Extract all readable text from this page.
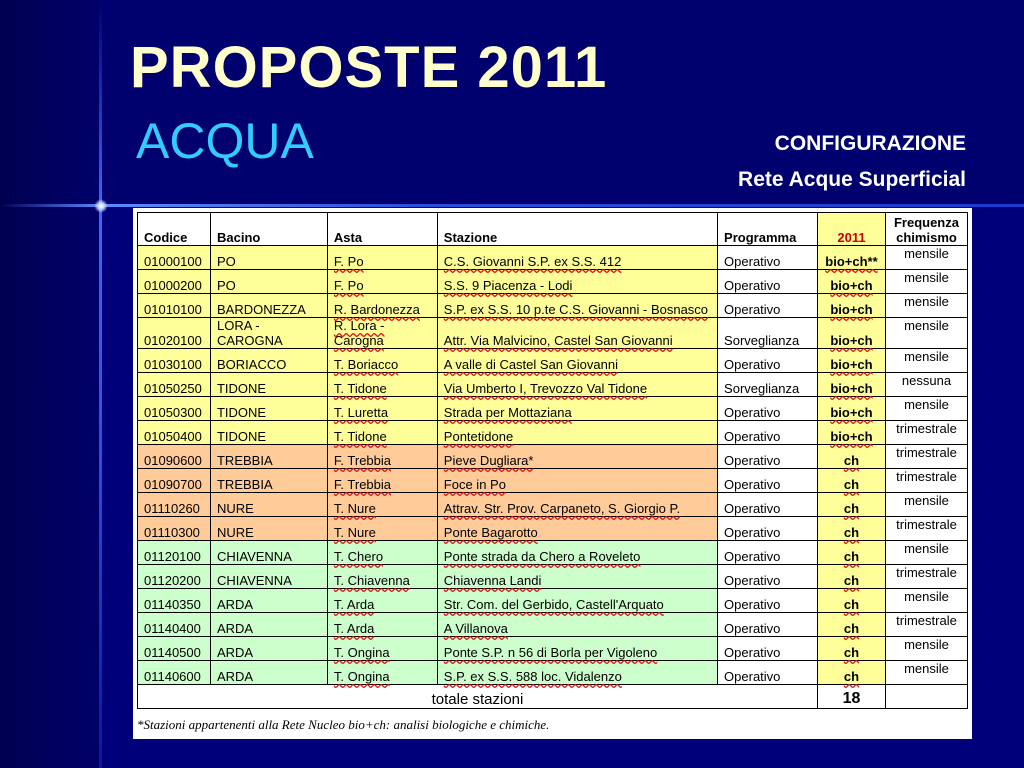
PROPOSTE 2011
ACQUA	CONFIGURAZIONE
Rete Acque Superficial
Codice	Bacino	Asta	Stazione	Programma	2011	Frequenza chimismo
01000100	PO	F. Po	C.S. Giovanni S.P. ex S.S. 412	Operativo	bio+ch**	mensile
01000200	PO	F. Po	S.S. 9 Piacenza - Lodi	Operativo	bio+ch	mensile
01010100	BARDONEZZA	R. Bardonezza	S.P. ex S.S. 10 p.te C.S. Giovanni - Bosnasco	Operativo	bio+ch	mensile
01020100	LORA - CAROGNA	R. Lora - Carogna	Attr. Via Malvicino, Castel San Giovanni	Sorveglianza	bio+ch	mensile
01030100	BORIACCO	T. Boriacco	A valle di Castel San Giovanni	Operativo	bio+ch	mensile
01050250	TIDONE	T. Tidone	Via Umberto I, Trevozzo Val Tidone	Sorveglianza	bio+ch	nessuna
01050300	TIDONE	T. Luretta	Strada per Mottaziana	Operativo	bio+ch	mensile
01050400	TIDONE	T. Tidone	Pontetidone	Operativo	bio+ch	trimestrale
01090600	TREBBIA	F. Trebbia	Pieve Dugliara*	Operativo	ch	trimestrale
01090700	TREBBIA	F. Trebbia	Foce in Po	Operativo	ch	trimestrale
01110260	NURE	T. Nure	Attrav. Str. Prov. Carpaneto, S. Giorgio P.	Operativo	ch	mensile
01110300	NURE	T. Nure	Ponte Bagarotto	Operativo	ch	trimestrale
01120100	CHIAVENNA	T. Chero	Ponte strada da Chero a Roveleto	Operativo	ch	mensile
01120200	CHIAVENNA	T. Chiavenna	Chiavenna Landi	Operativo	ch	trimestrale
01140350	ARDA	T. Arda	Str. Com. del Gerbido, Castell'Arquato	Operativo	ch	mensile
01140400	ARDA	T. Arda	A Villanova	Operativo	ch	trimestrale
01140500	ARDA	T. Ongina	Ponte S.P. n 56 di Borla per Vigoleno	Operativo	ch	mensile
01140600	ARDA	T. Ongina	S.P. ex S.S. 588 loc. Vidalenzo	Operativo	ch	mensile
totale stazioni					18	
*Stazioni appartenenti alla Rete Nucleo bio+ch: analisi biologiche e chimiche.
